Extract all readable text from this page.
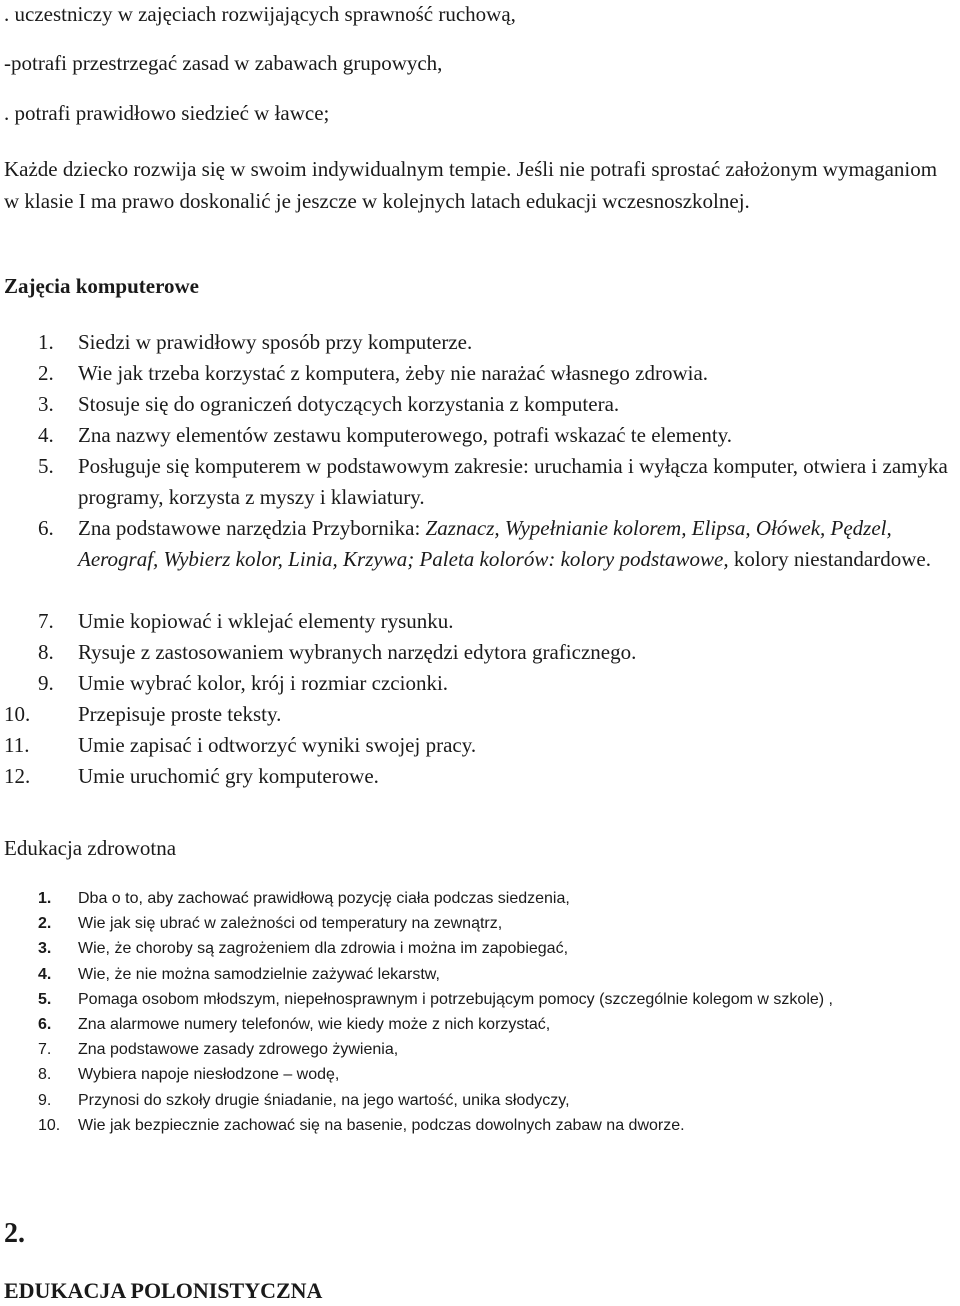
. uczestniczy w zajęciach rozwijających sprawność ruchową,
-potrafi przestrzegać zasad w zabawach grupowych,
. potrafi prawidłowo siedzieć w ławce;
Każde dziecko rozwija się w swoim indywidualnym tempie. Jeśli nie potrafi sprostać założonym wymaganiom w klasie I ma prawo doskonalić je jeszcze w kolejnych latach edukacji wczesnoszkolnej.
Zajęcia komputerowe
1. Siedzi w prawidłowy sposób przy komputerze.
2. Wie jak trzeba korzystać z komputera, żeby nie narażać własnego zdrowia.
3. Stosuje się do ograniczeń dotyczących korzystania z komputera.
4. Zna nazwy elementów zestawu komputerowego, potrafi wskazać te elementy.
5. Posługuje się komputerem w podstawowym zakresie: uruchamia i wyłącza komputer, otwiera i zamyka programy, korzysta z myszy i klawiatury.
6. Zna podstawowe narzędzia Przybornika: Zaznacz, Wypełnianie kolorem, Elipsa, Ołówek, Pędzel, Aerograf, Wybierz kolor, Linia, Krzywa; Paleta kolorów: kolory podstawowe, kolory niestandardowe.
7. Umie kopiować i wklejać elementy rysunku.
8. Rysuje z zastosowaniem wybranych narzędzi edytora graficznego.
9. Umie wybrać kolor, krój i rozmiar czcionki.
10. Przepisuje proste teksty.
11. Umie zapisać i odtworzyć wyniki swojej pracy.
12. Umie uruchomić gry komputerowe.
Edukacja zdrowotna
1. Dba o to, aby zachować prawidłową pozycję ciała podczas siedzenia,
2. Wie jak się ubrać w zależności od temperatury na zewnątrz,
3. Wie, że choroby są zagrożeniem dla zdrowia i można im zapobiegać,
4. Wie, że nie można samodzielnie zażywać lekarstw,
5. Pomaga osobom młodszym, niepełnosprawnym i potrzebującym pomocy (szczególnie kolegom w szkole) ,
6. Zna alarmowe numery telefonów, wie kiedy może z nich korzystać,
7. Zna podstawowe zasady zdrowego żywienia,
8. Wybiera napoje niesłodzone – wodę,
9. Przynosi do szkoły drugie śniadanie, na jego wartość, unika słodyczy,
10. Wie jak bezpiecznie zachować się na basenie, podczas dowolnych zabaw na dworze.
2.
EDUKACJA POLONISTYCZNA
